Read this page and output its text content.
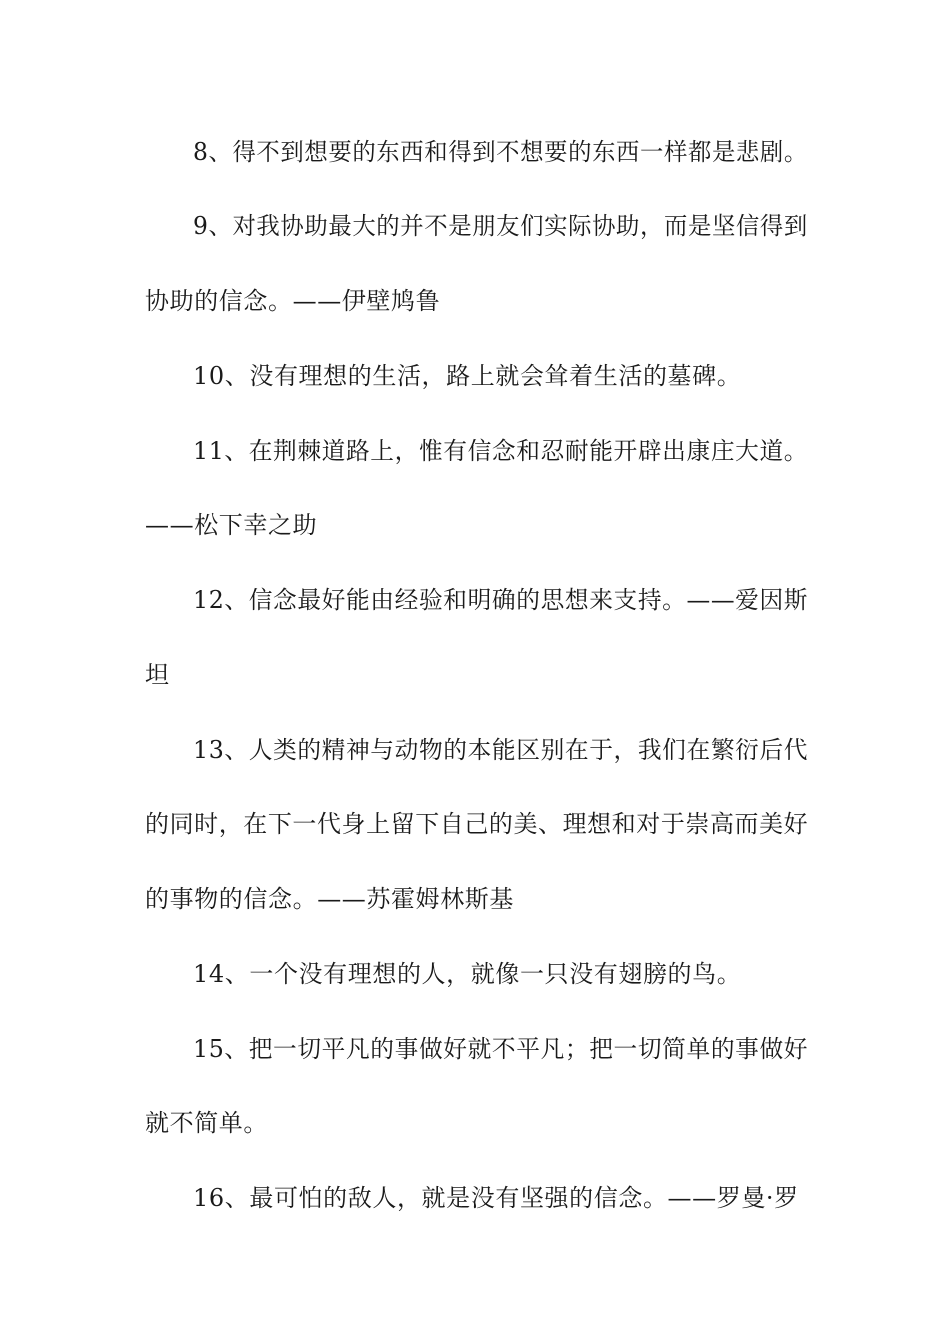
8、得不到想要的东西和得到不想要的东西一样都是悲剧。
9、对我协助最大的并不是朋友们实际协助，而是坚信得到
协助的信念。——伊壁鸠鲁
10、没有理想的生活，路上就会耸着生活的墓碑。
11、在荆棘道路上，惟有信念和忍耐能开辟出康庄大道。
——松下幸之助
12、信念最好能由经验和明确的思想来支持。——爱因斯
坦
13、人类的精神与动物的本能区别在于，我们在繁衍后代
的同时，在下一代身上留下自己的美、理想和对于崇高而美好
的事物的信念。——苏霍姆林斯基
14、一个没有理想的人，就像一只没有翅膀的鸟。
15、把一切平凡的事做好就不平凡；把一切简单的事做好
就不简单。
16、最可怕的敌人，就是没有坚强的信念。——罗曼·罗
